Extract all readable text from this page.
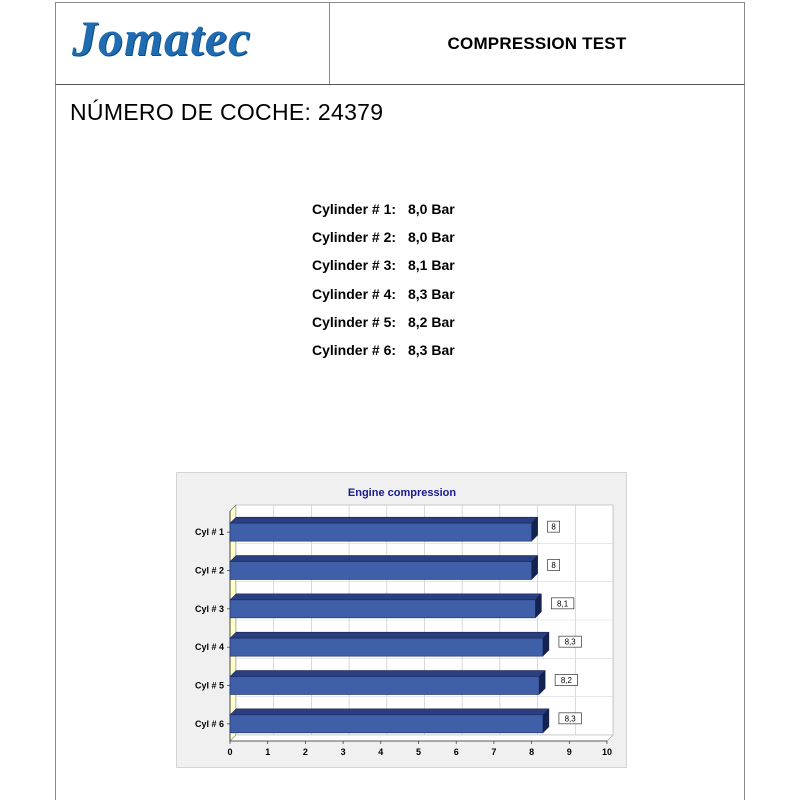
Jomatec	COMPRESSION TEST
NÚMERO DE COCHE: 24379
Cylinder # 1: 8,0 Bar
Cylinder # 2: 8,0 Bar
Cylinder # 3: 8,1 Bar
Cylinder # 4: 8,3 Bar
Cylinder # 5: 8,2 Bar
Cylinder # 6: 8,3 Bar
Engine compression
0	1	2	3	4	5	6	7	8	9	10
Cyl # 1	8
Cyl # 2	8
Cyl # 3	8,1
Cyl # 4	8,3
Cyl # 5	8,2
Cyl # 6	8,3
